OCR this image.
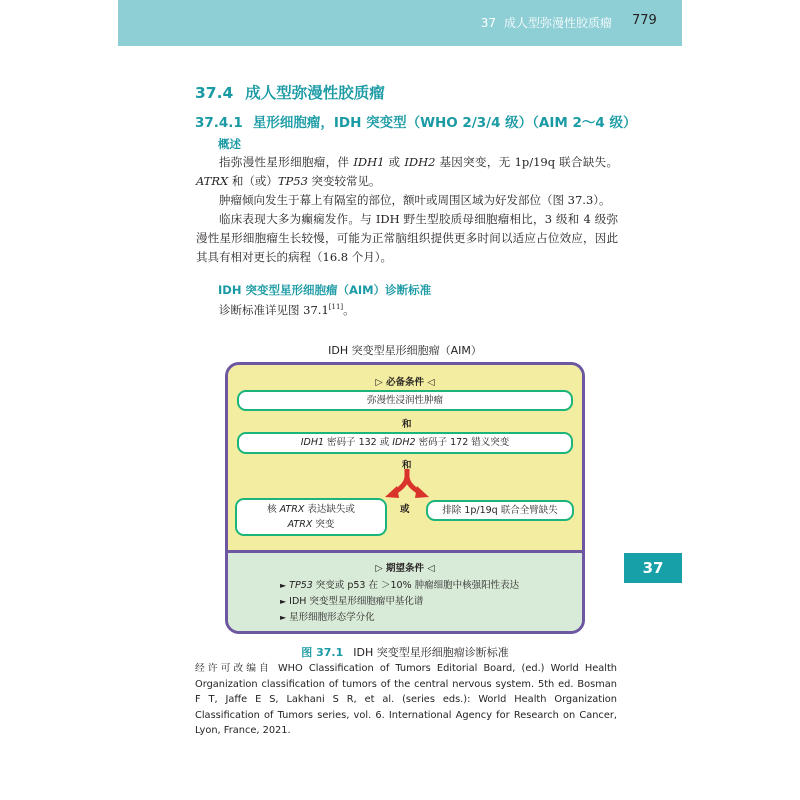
37 成人型弥漫性胶质瘤 779
37
37.4 成人型弥漫性胶质瘤
37.4.1 星形细胞瘤，IDH 突变型（WHO 2/3/4 级）（AIM 2～4 级）
概述

指弥漫性星形细胞瘤，伴 IDH1 或 IDH2 基因突变，无 1p/19q 联合缺失。ATRX 和（或）TP53 突变较常见。

肿瘤倾向发生于幕上有隔室的部位，额叶或周围区域为好发部位（图 37.3）。

临床表现大多为癫痫发作。与 IDH 野生型胶质母细胞瘤相比，3 级和 4 级弥漫性星形细胞瘤生长较慢，可能为正常脑组织提供更多时间以适应占位效应，因此其具有相对更长的病程（16.8 个月）。

IDH 突变型星形细胞瘤（AIM）诊断标准

诊断标准详见图 37.1[11]。

IDH 突变型星形细胞瘤（AIM）
▷ 必备条件 ◁
弥漫性浸润性肿瘤
和
IDH1 密码子 132 或 IDH2 密码子 172 错义突变
和
或
核 ATRX 表达缺失或
ATRX 突变
排除 1p/19q 联合全臂缺失
▷ 期望条件 ◁
► TP53 突变或 p53 在 ＞10% 肿瘤细胞中核强阳性表达
► IDH 突变型星形细胞瘤甲基化谱
► 星形细胞形态学分化
图 37.1 IDH 突变型星形细胞瘤诊断标准
经许可改编自 WHO Classification of Tumors Editorial Board, (ed.) World Health Organization classification of tumors of the central nervous system. 5th ed. Bosman F T, Jaffe E S, Lakhani S R, et al. (series eds.): World Health Organization Classification of Tumors series, vol. 6. International Agency for Research on Cancer, Lyon, France, 2021.
